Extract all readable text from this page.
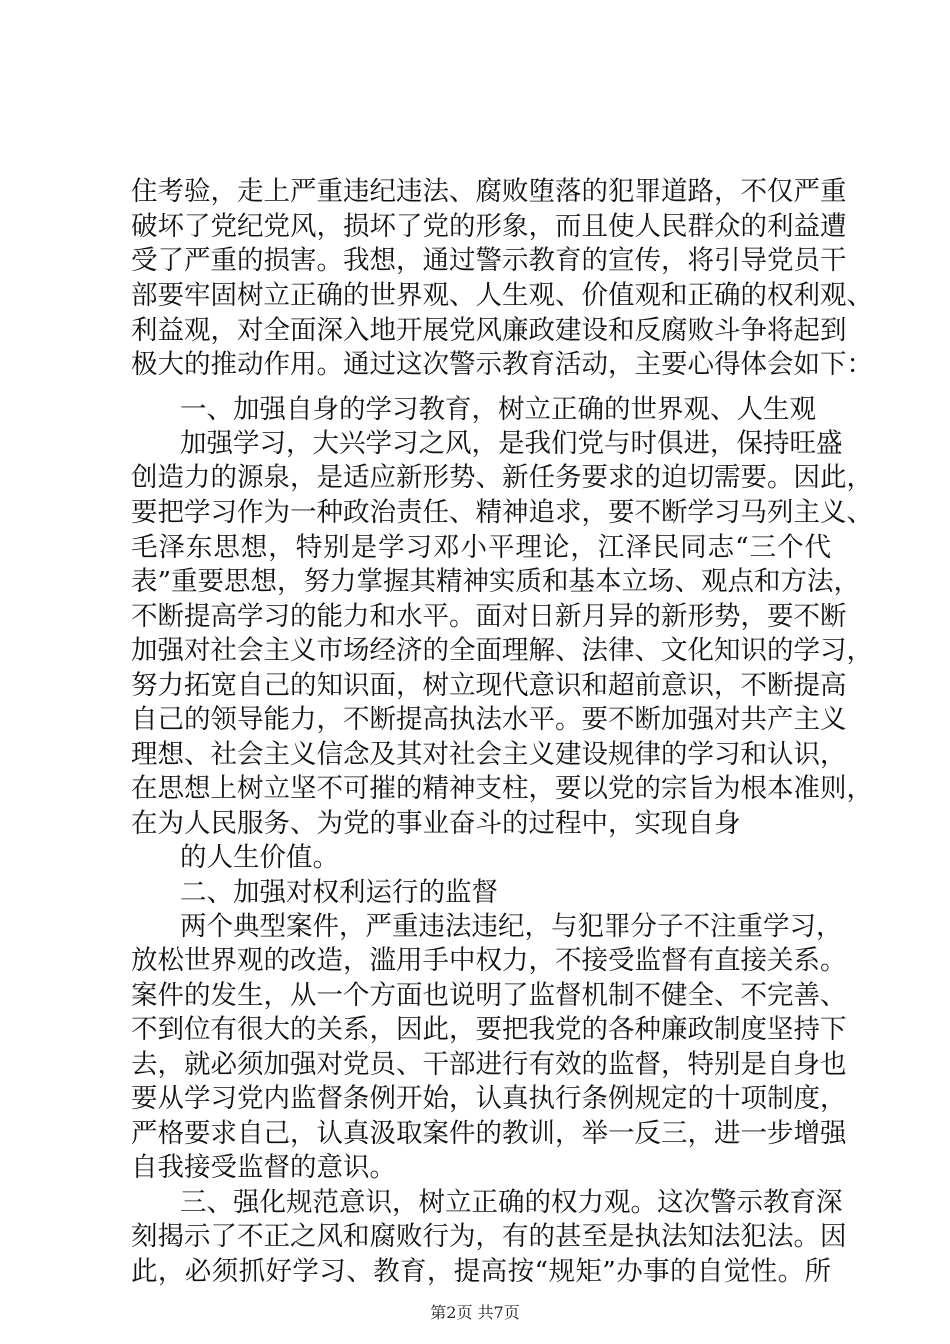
住考验，走上严重违纪违法、腐败堕落的犯罪道路，不仅严重
破坏了党纪党风，损坏了党的形象，而且使人民群众的利益遭
受了严重的损害。我想，通过警示教育的宣传，将引导党员干
部要牢固树立正确的世界观、人生观、价值观和正确的权利观、
利益观，对全面深入地开展党风廉政建设和反腐败斗争将起到
极大的推动作用。通过这次警示教育活动，主要心得体会如下：
一、加强自身的学习教育，树立正确的世界观、人生观
加强学习，大兴学习之风，是我们党与时俱进，保持旺盛
创造力的源泉，是适应新形势、新任务要求的迫切需要。因此，
要把学习作为一种政治责任、精神追求，要不断学习马列主义、
毛泽东思想，特别是学习邓小平理论，江泽民同志“三个代
表”重要思想，努力掌握其精神实质和基本立场、观点和方法，
不断提高学习的能力和水平。面对日新月异的新形势，要不断
加强对社会主义市场经济的全面理解、法律、文化知识的学习，
努力拓宽自己的知识面，树立现代意识和超前意识，不断提高
自己的领导能力，不断提高执法水平。要不断加强对共产主义
理想、社会主义信念及其对社会主义建设规律的学习和认识，
在思想上树立坚不可摧的精神支柱，要以党的宗旨为根本准则，
在为人民服务、为党的事业奋斗的过程中，实现自身
的人生价值。
二、加强对权利运行的监督
两个典型案件，严重违法违纪，与犯罪分子不注重学习，
放松世界观的改造，滥用手中权力，不接受监督有直接关系。
案件的发生，从一个方面也说明了监督机制不健全、不完善、
不到位有很大的关系，因此，要把我党的各种廉政制度坚持下
去，就必须加强对党员、干部进行有效的监督，特别是自身也
要从学习党内监督条例开始，认真执行条例规定的十项制度，
严格要求自己，认真汲取案件的教训，举一反三，进一步增强
自我接受监督的意识。
三、强化规范意识，树立正确的权力观。这次警示教育深
刻揭示了不正之风和腐败行为，有的甚至是执法知法犯法。因
此，必须抓好学习、教育，提高按“规矩”办事的自觉性。所
第2页 共7页
